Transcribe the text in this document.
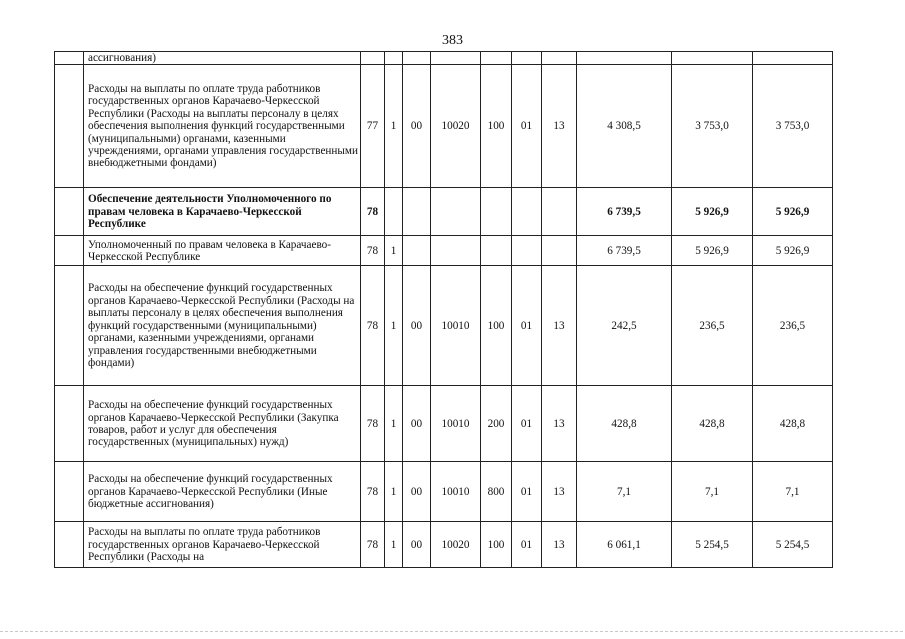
383
	ассигнования)										
	Расходы на выплаты по оплате труда работников государственных органов Карачаево-Черкесской Республики (Расходы на выплаты персоналу в целях обеспечения выполнения функций государственными (муниципальными) органами, казенными учреждениями, органами управления государственными внебюджетными фондами)	77	1	00	10020	100	01	13	4 308,5	3 753,0	3 753,0
	Обеспечение деятельности Уполномоченного по правам человека в Карачаево-Черкесской Республике	78							6 739,5	5 926,9	5 926,9
	Уполномоченный по правам человека в Карачаево-Черкесской Республике	78	1						6 739,5	5 926,9	5 926,9
	Расходы на обеспечение функций государственных органов Карачаево-Черкесской Республики (Расходы на выплаты персоналу в целях обеспечения выполнения функций государственными (муниципальными) органами, казенными учреждениями, органами управления государственными внебюджетными фондами)	78	1	00	10010	100	01	13	242,5	236,5	236,5
	Расходы на обеспечение функций государственных органов Карачаево-Черкесской Республики (Закупка товаров, работ и услуг для обеспечения государственных (муниципальных) нужд)	78	1	00	10010	200	01	13	428,8	428,8	428,8
	Расходы на обеспечение функций государственных органов Карачаево-Черкесской Республики (Иные бюджетные ассигнования)	78	1	00	10010	800	01	13	7,1	7,1	7,1
	Расходы на выплаты по оплате труда работников государственных органов Карачаево-Черкесской Республики (Расходы на	78	1	00	10020	100	01	13	6 061,1	5 254,5	5 254,5
